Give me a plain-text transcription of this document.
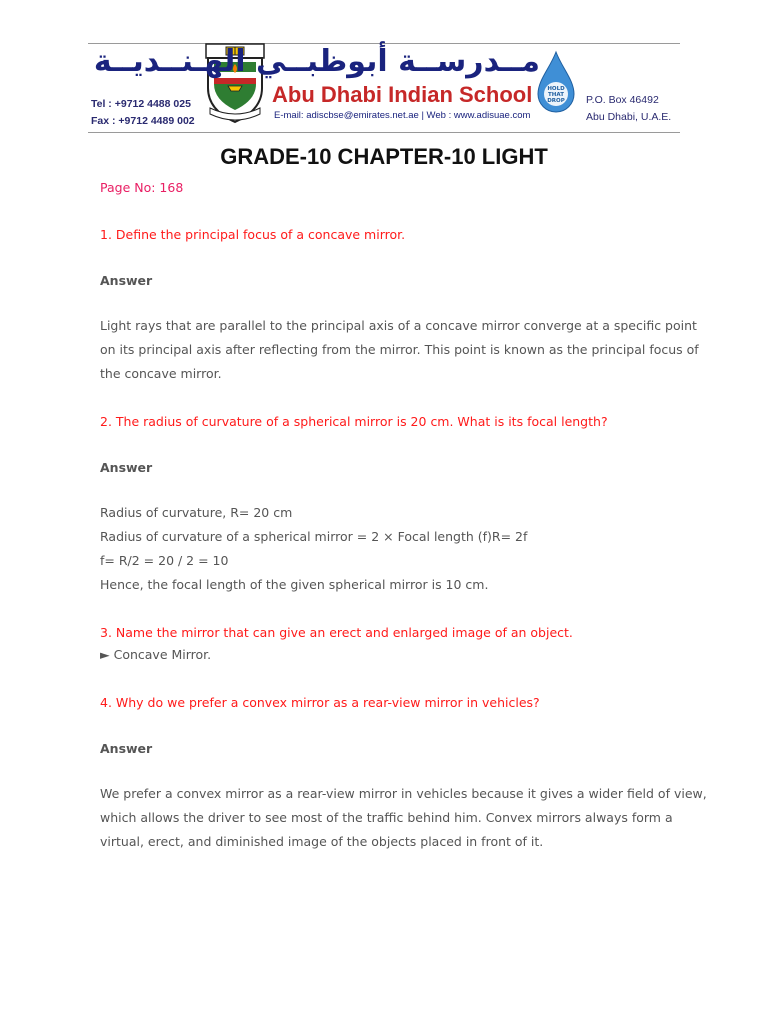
Tel : +9712 4488 025
Fax : +9712 4489 002
مــدرســة أبوظبــي الهـنــديــة
Abu Dhabi Indian School
E-mail: adiscbse@emirates.net.ae | Web : www.adisuae.com
HOLD
THAT
DROP P.O. Box 46492
Abu Dhabi, U.A.E.
GRADE-10 CHAPTER-10 LIGHT

Page No: 168

1. Define the principal focus of a concave mirror.

Answer

Light rays that are parallel to the principal axis of a concave mirror converge at a specific point on its principal axis after reflecting from the mirror. This point is known as the principal focus of the concave mirror.

2. The radius of curvature of a spherical mirror is 20 cm. What is its focal length?

Answer

Radius of curvature, R= 20 cm

Radius of curvature of a spherical mirror = 2 × Focal length (f)R= 2f

f= R/2 = 20 / 2 = 10

Hence, the focal length of the given spherical mirror is 10 cm.

3. Name the mirror that can give an erect and enlarged image of an object.

► Concave Mirror.

4. Why do we prefer a convex mirror as a rear-view mirror in vehicles?

Answer

We prefer a convex mirror as a rear-view mirror in vehicles because it gives a wider field of view, which allows the driver to see most of the traffic behind him. Convex mirrors always form a virtual, erect, and diminished image of the objects placed in front of it.
